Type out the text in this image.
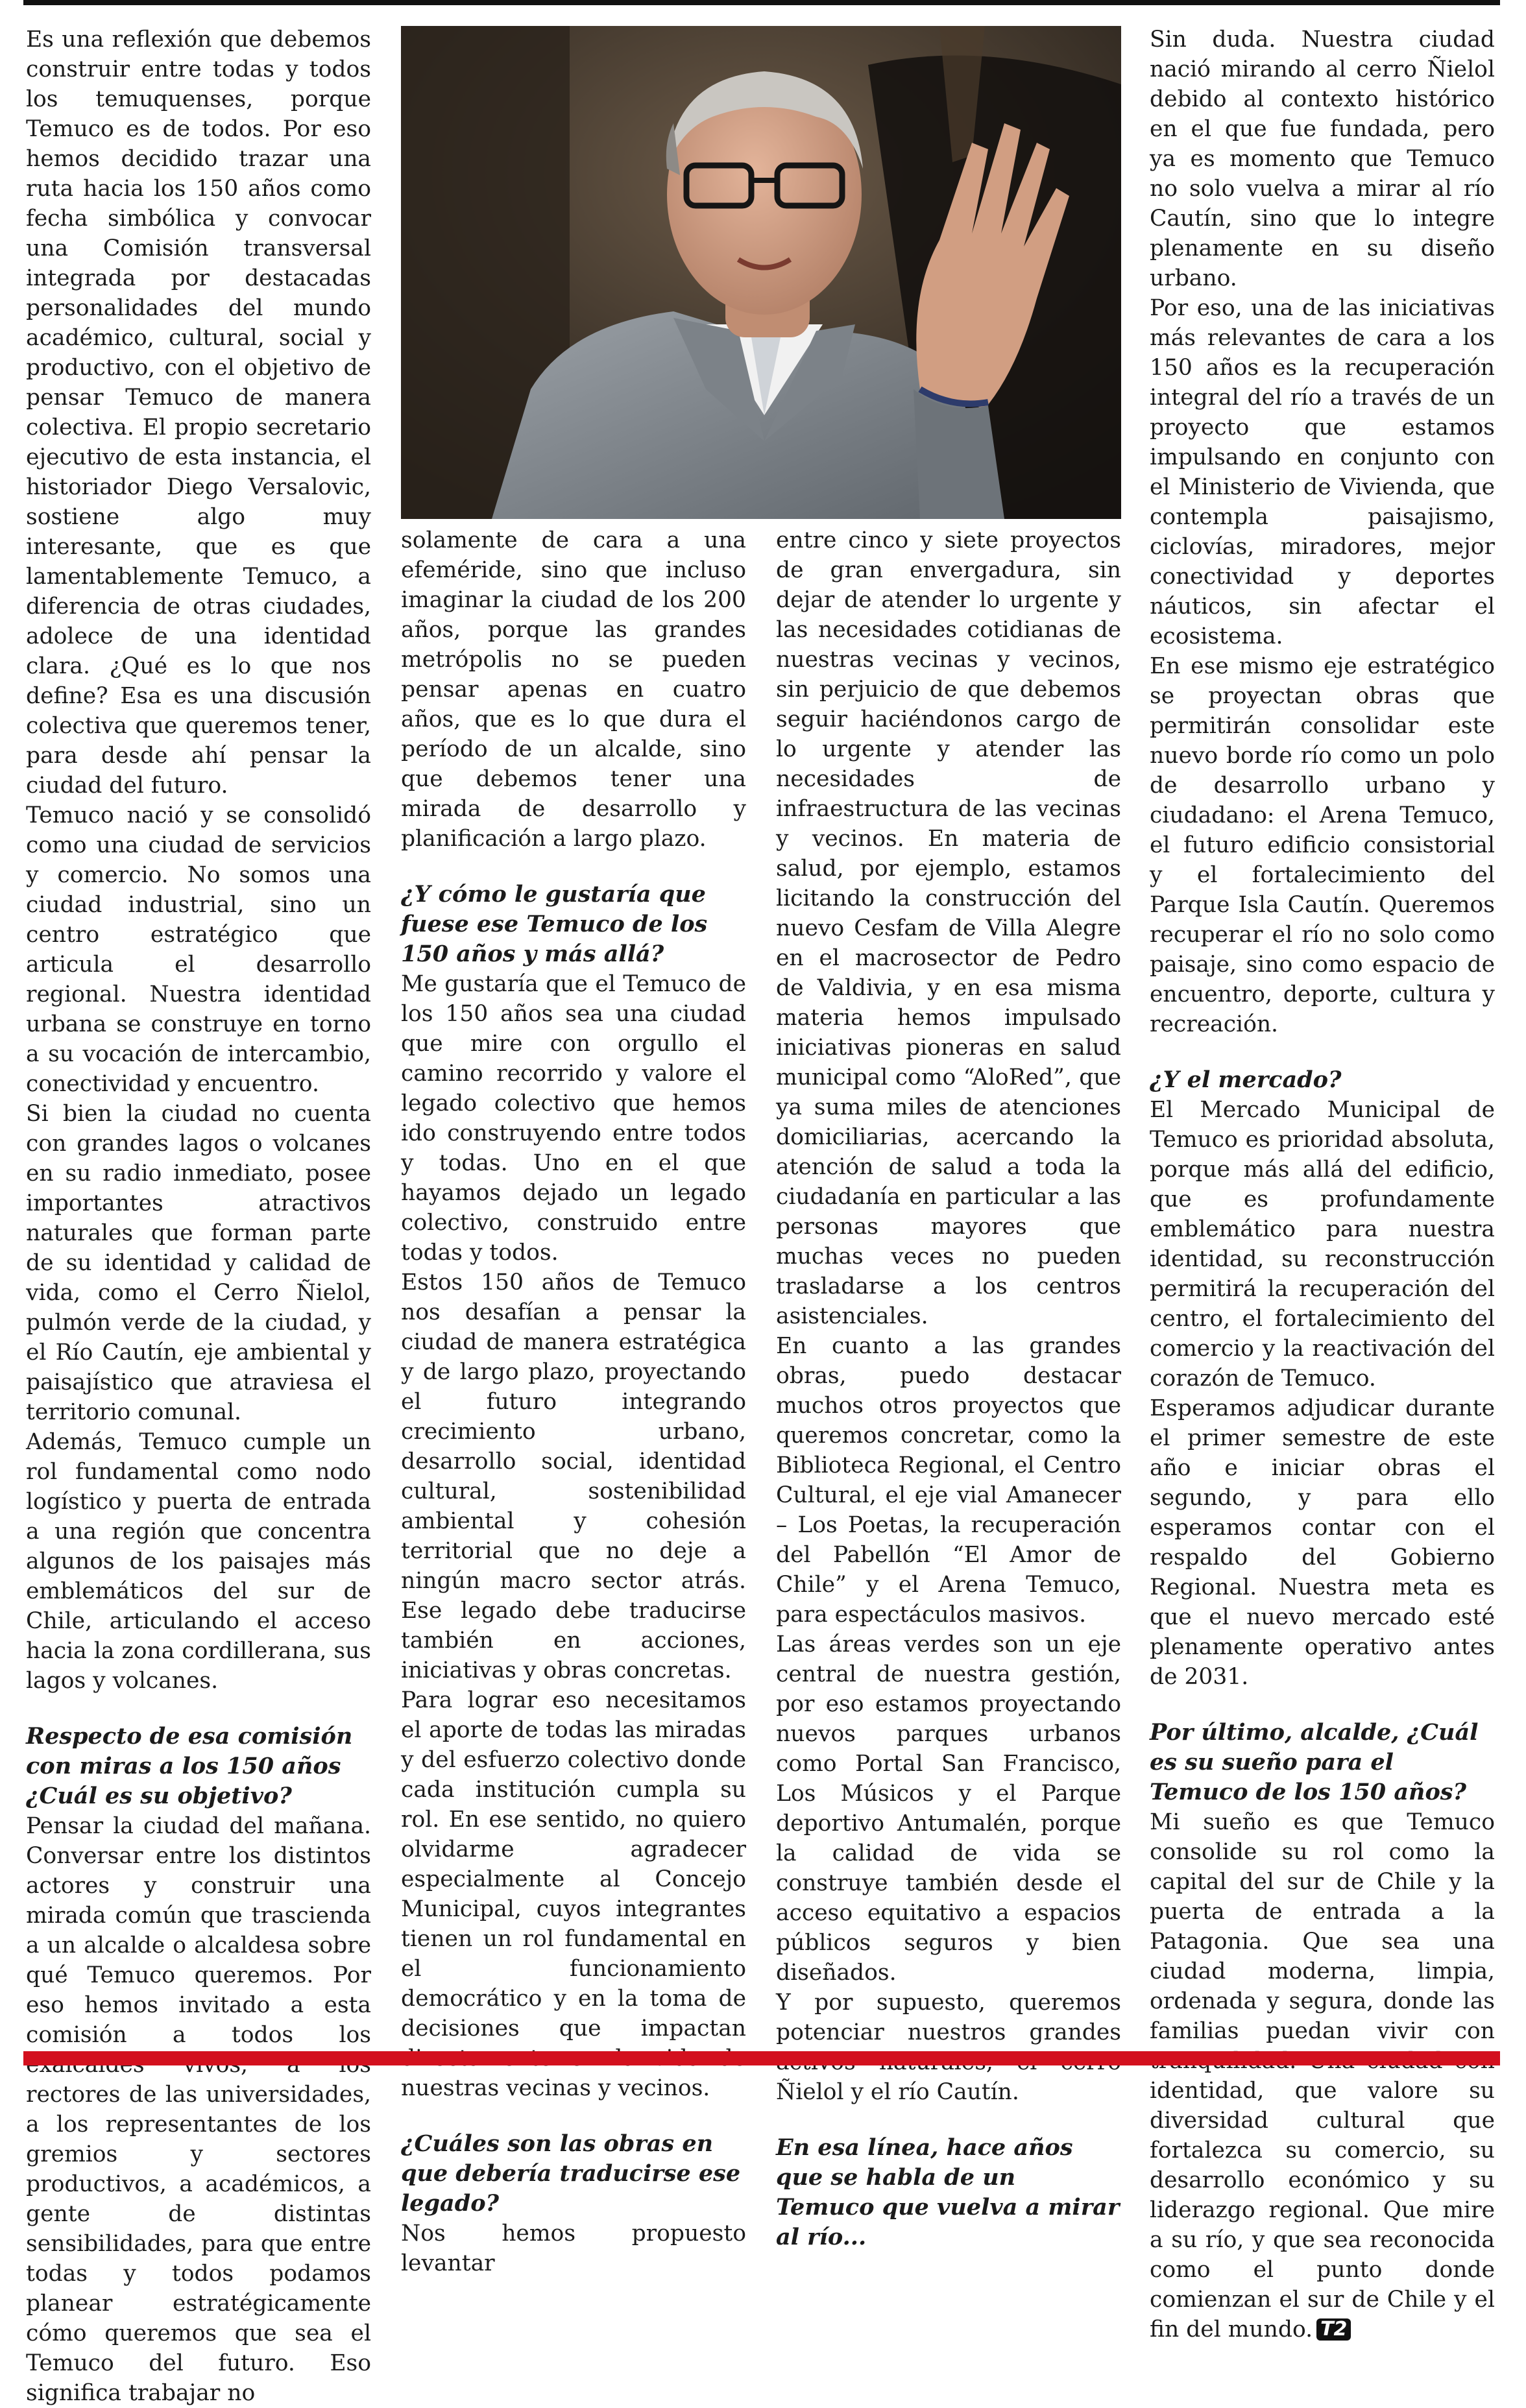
Es una reflexión que debemos construir entre todas y todos los temuquenses, porque Temuco es de todos. Por eso hemos decidido trazar una ruta hacia los 150 años como fecha simbólica y convocar una Comisión transversal integrada por destacadas personalidades del mundo académico, cultural, social y productivo, con el objetivo de pensar Temuco de manera colectiva. El propio secretario ejecutivo de esta instancia, el historiador Diego Versalovic, sostiene algo muy interesante, que es que lamentablemente Temuco, a diferencia de otras ciudades, adolece de una identidad clara. ¿Qué es lo que nos define? Esa es una discusión colectiva que queremos tener, para desde ahí pensar la ciudad del futuro.

Temuco nació y se consolidó como una ciudad de servicios y comercio. No somos una ciudad industrial, sino un centro estratégico que articula el desarrollo regional. Nuestra identidad urbana se construye en torno a su vocación de intercambio, conectividad y encuentro.

Si bien la ciudad no cuenta con grandes lagos o volcanes en su radio inmediato, posee importantes atractivos naturales que forman parte de su identidad y calidad de vida, como el Cerro Ñielol, pulmón verde de la ciudad, y el Río Cautín, eje ambiental y paisajístico que atraviesa el territorio comunal.

Además, Temuco cumple un rol fundamental como nodo logístico y puerta de entrada a una región que concentra algunos de los paisajes más emblemáticos del sur de Chile, articulando el acceso hacia la zona cordillerana, sus lagos y volcanes.

Respecto de esa comisión con miras a los 150 años ¿Cuál es su objetivo?

Pensar la ciudad del mañana. Conversar entre los distintos actores y construir una mirada común que trascienda a un alcalde o alcaldesa sobre qué Temuco queremos. Por eso hemos invitado a esta comisión a todos los rectores de las universidades, a los representantes de los gremios y sectores productivos, a académicos, a gente de distintas sensibilidades, para que entre todas y todos podamos planear estratégicamente cómo queremos que sea el Temuco del futuro. Eso significa trabajar no

solamente de cara a una efeméride, sino que incluso imaginar la ciudad de los 200 años, porque las grandes metrópolis no se pueden pensar apenas en cuatro años, que es lo que dura el período de un alcalde, sino que debemos tener una mirada de desarrollo y planificación a largo plazo.

¿Y cómo le gustaría que fuese ese Temuco de los 150 años y más allá?

Me gustaría que el Temuco de los 150 años sea una ciudad que mire con orgullo el camino recorrido y valore el legado colectivo que hemos ido construyendo entre todos y todas. Uno en el que hayamos dejado un legado colectivo, construido entre todas y todos.

Estos 150 años de Temuco nos desafían a pensar la ciudad de manera estratégica y de largo plazo, proyectando el futuro integrando crecimiento urbano, desarrollo social, identidad cultural, sostenibilidad ambiental y cohesión territorial que no deje a ningún macro sector atrás. Ese legado debe traducirse también en acciones, iniciativas y obras concretas.

Para lograr eso necesitamos el aporte de todas las miradas y del esfuerzo colectivo donde cada institución cumpla su rol. En ese sentido, no quiero olvidarme agradecer especialmente al Concejo Municipal, cuyos integrantes tienen un rol fundamental en el funcionamiento democrático y en la toma de decisiones que impactan nuestras vecinas y vecinos.

¿Cuáles son las obras en que debería traducirse ese legado?

Nos hemos propuesto levantar

entre cinco y siete proyectos de gran envergadura, sin dejar de atender lo urgente y las necesidades cotidianas de nuestras vecinas y vecinos, sin perjuicio de que debemos seguir haciéndonos cargo de lo urgente y atender las necesidades de infraestructura de las vecinas y vecinos. En materia de salud, por ejemplo, estamos licitando la construcción del nuevo Cesfam de Villa Alegre en el macrosector de Pedro de Valdivia, y en esa misma materia hemos impulsado iniciativas pioneras en salud municipal como “AloRed”, que ya suma miles de atenciones domiciliarias, acercando la atención de salud a toda la ciudadanía en particular a las personas mayores que muchas veces no pueden trasladarse a los centros asistenciales.

En cuanto a las grandes obras, puedo destacar muchos otros proyectos que queremos concretar, como la Biblioteca Regional, el Centro Cultural, el eje vial Amanecer – Los Poetas, la recuperación del Pabellón “El Amor de Chile” y el Arena Temuco, para espectáculos masivos.

Las áreas verdes son un eje central de nuestra gestión, por eso estamos proyectando nuevos parques urbanos como Portal San Francisco, Los Músicos y el Parque deportivo Antumalén, porque la calidad de vida se construye también desde el acceso equitativo a espacios públicos seguros y bien diseñados.

Y por supuesto, queremos potenciar nuestros grandes Ñielol y el río Cautín.

En esa línea, hace años que se habla de un Temuco que vuelva a mirar al río...

Sin duda. Nuestra ciudad nació mirando al cerro Ñielol debido al contexto histórico en el que fue fundada, pero ya es momento que Temuco no solo vuelva a mirar al río Cautín, sino que lo integre plenamente en su diseño urbano.

Por eso, una de las iniciativas más relevantes de cara a los 150 años es la recuperación integral del río a través de un proyecto que estamos impulsando en conjunto con el Ministerio de Vivienda, que contempla paisajismo, ciclovías, miradores, mejor conectividad y deportes náuticos, sin afectar el ecosistema.

En ese mismo eje estratégico se proyectan obras que permitirán consolidar este nuevo borde río como un polo de desarrollo urbano y ciudadano: el Arena Temuco, el futuro edificio consistorial y el fortalecimiento del Parque Isla Cautín. Queremos recuperar el río no solo como paisaje, sino como espacio de encuentro, deporte, cultura y recreación.

¿Y el mercado?

El Mercado Municipal de Temuco es prioridad absoluta, porque más allá del edificio, que es profundamente emblemático para nuestra identidad, su reconstrucción permitirá la recuperación del centro, el fortalecimiento del comercio y la reactivación del corazón de Temuco.

Esperamos adjudicar durante el primer semestre de este año e iniciar obras el segundo, y para ello esperamos contar con el respaldo del Gobierno Regional. Nuestra meta es que el nuevo mercado esté plenamente operativo antes de 2031.

Por último, alcalde, ¿Cuál es su sueño para el Temuco de los 150 años?

Mi sueño es que Temuco consolide su rol como la capital del sur de Chile y la puerta de entrada a la Patagonia. Que sea una ciudad moderna, limpia, ordenada y segura, donde las familias puedan vivir con identidad, que valore su diversidad cultural que fortalezca su comercio, su desarrollo económico y su liderazgo regional. Que mire a su río, y que sea reconocida como el punto donde comienzan el sur de Chile y el fin del mundo. T2
